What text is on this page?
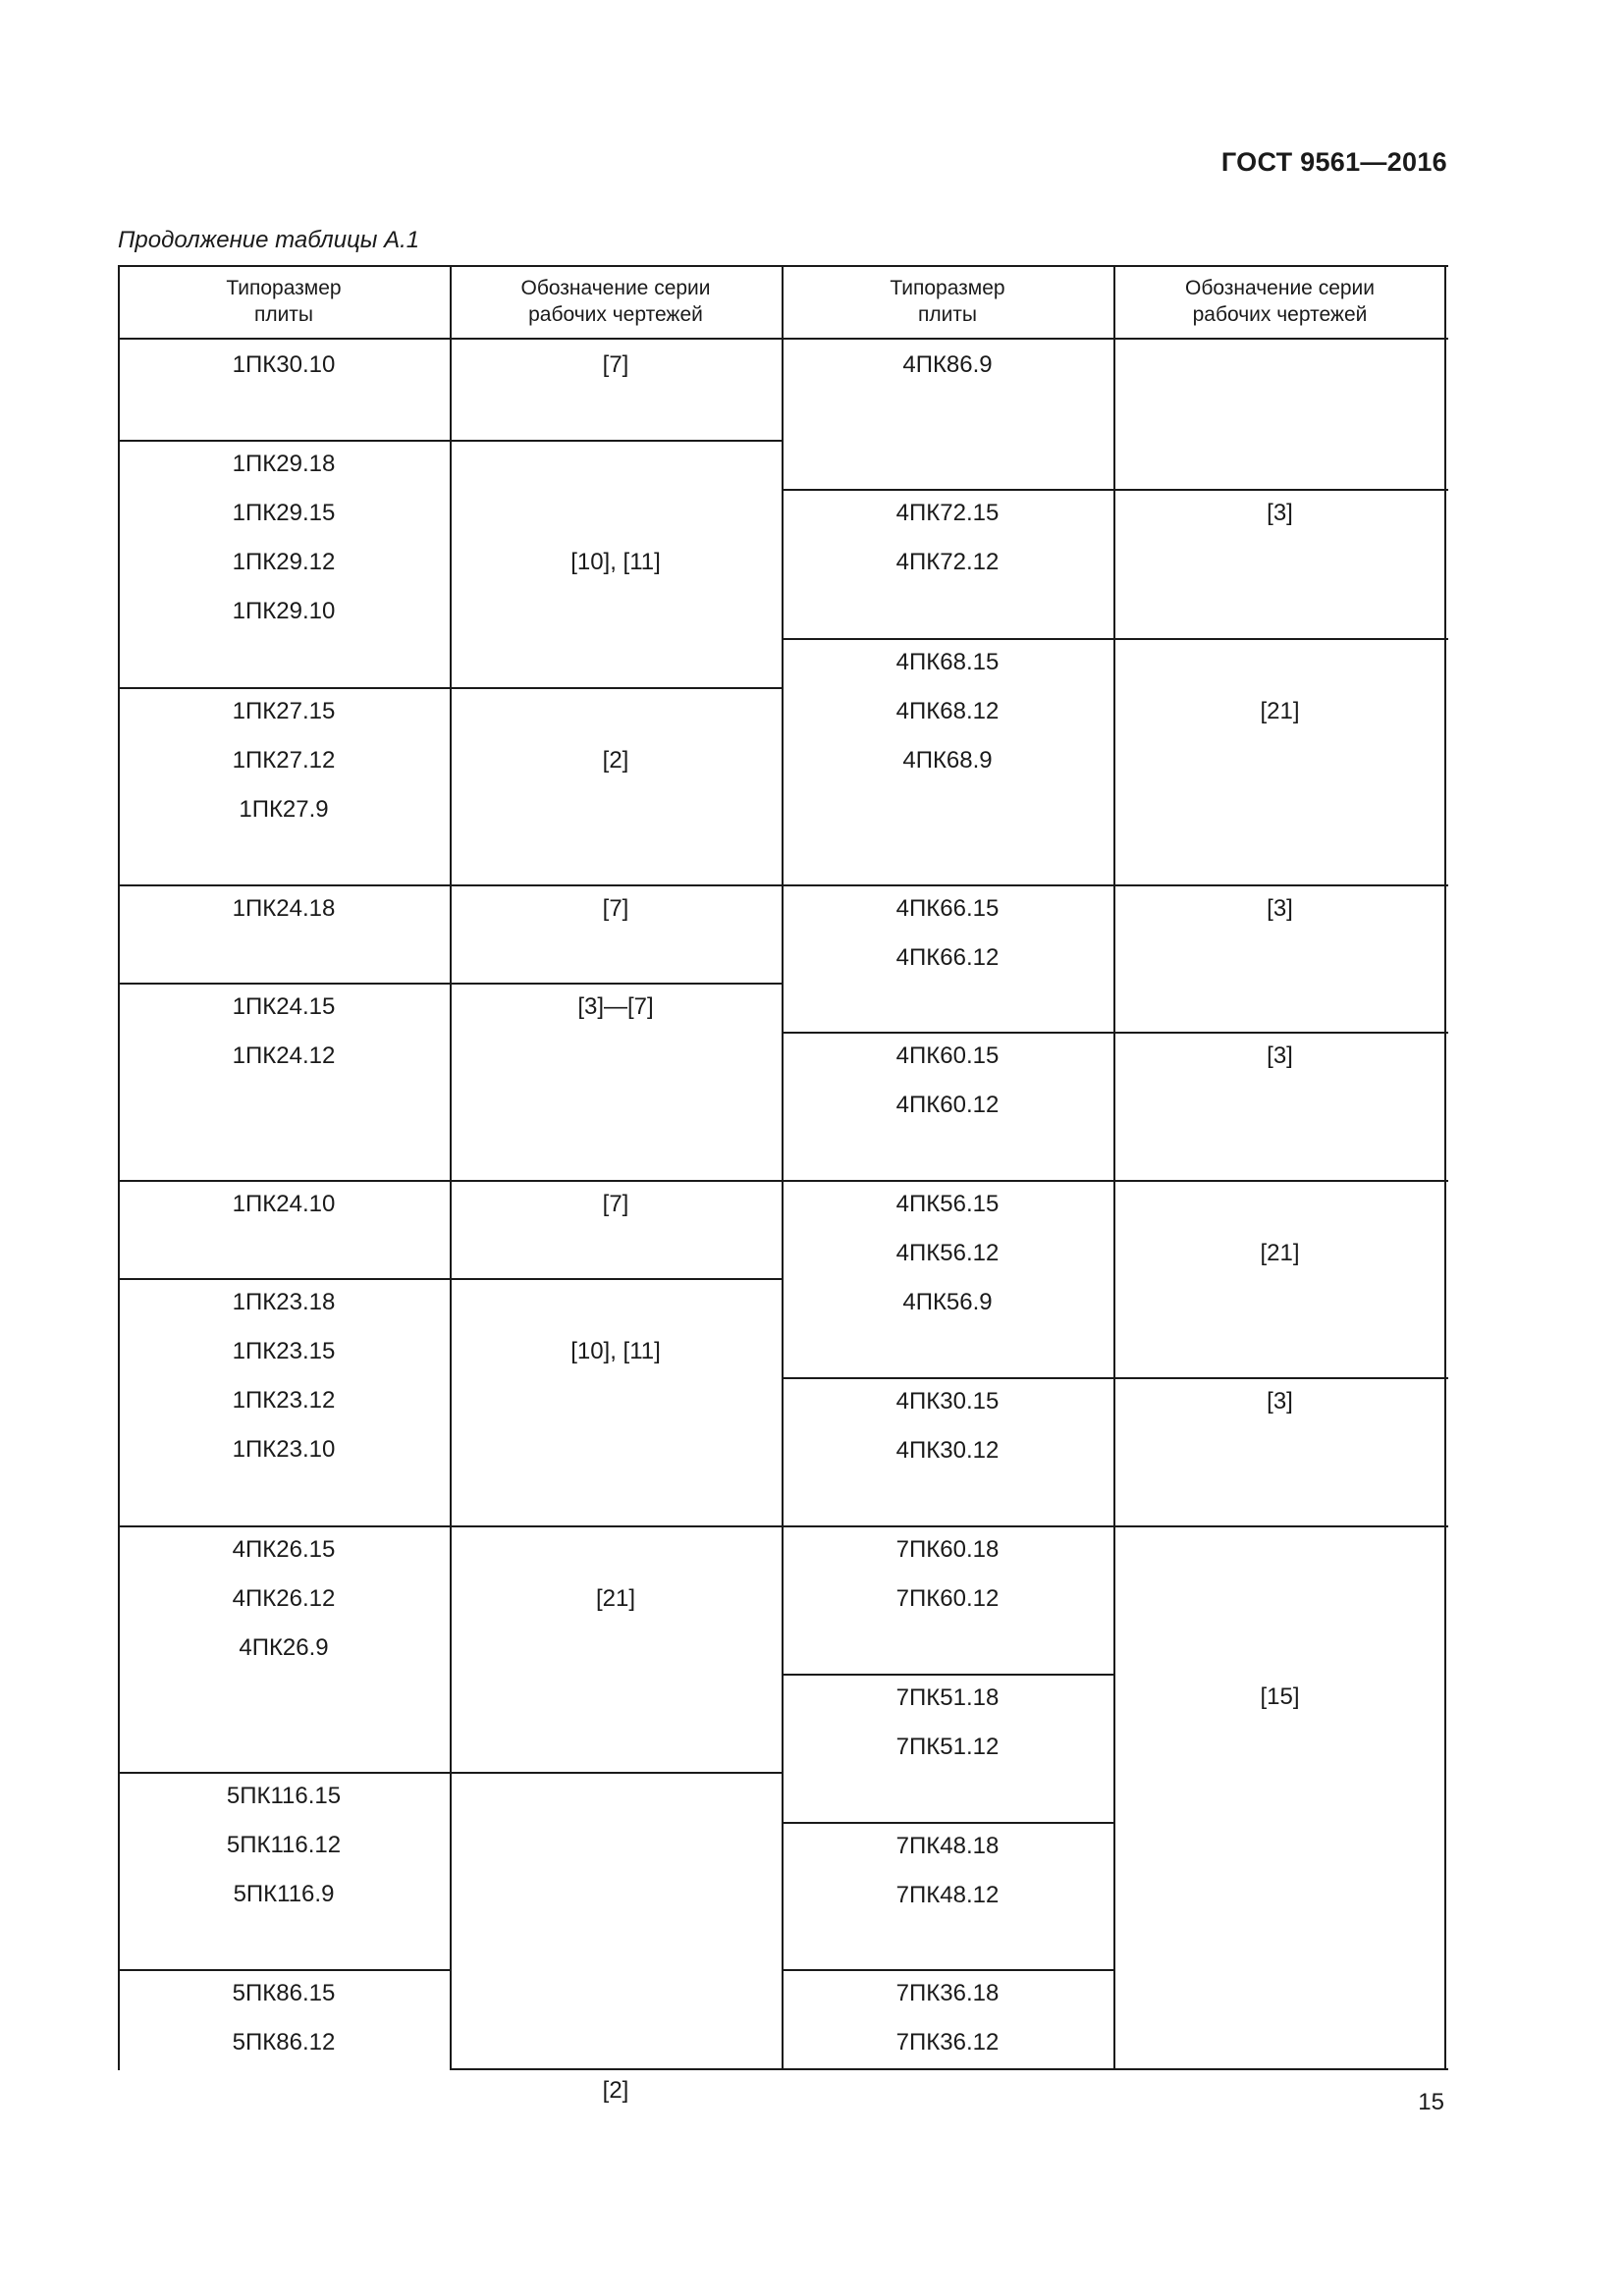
ГОСТ 9561—2016
Продолжение таблицы А.1
Типоразмер
плиты
Обозначение серии
рабочих чертежей
Типоразмер
плиты
Обозначение серии
рабочих чертежей
1ПК30.10
1ПК29.18
1ПК29.15
1ПК29.12
1ПК29.10
1ПК27.15
1ПК27.12
1ПК27.9
1ПК24.18
1ПК24.15
1ПК24.12
1ПК24.10
1ПК23.18
1ПК23.15
1ПК23.12
1ПК23.10
4ПК26.15
4ПК26.12
4ПК26.9
5ПК116.15
5ПК116.12
5ПК116.9
5ПК86.15
5ПК86.12
[7]
[10], [11]
[2]
[7]
[3]—[7]
[7]
[10], [11]
[21]
[2]
4ПК86.9
4ПК72.15
4ПК72.12
4ПК68.15
4ПК68.12
4ПК68.9
4ПК66.15
4ПК66.12
4ПК60.15
4ПК60.12
4ПК56.15
4ПК56.12
4ПК56.9
4ПК30.15
4ПК30.12
7ПК60.18
7ПК60.12
7ПК51.18
7ПК51.12
7ПК48.18
7ПК48.12
7ПК36.18
7ПК36.12
[3]
[21]
[3]
[3]
[21]
[3]
[15]
15
